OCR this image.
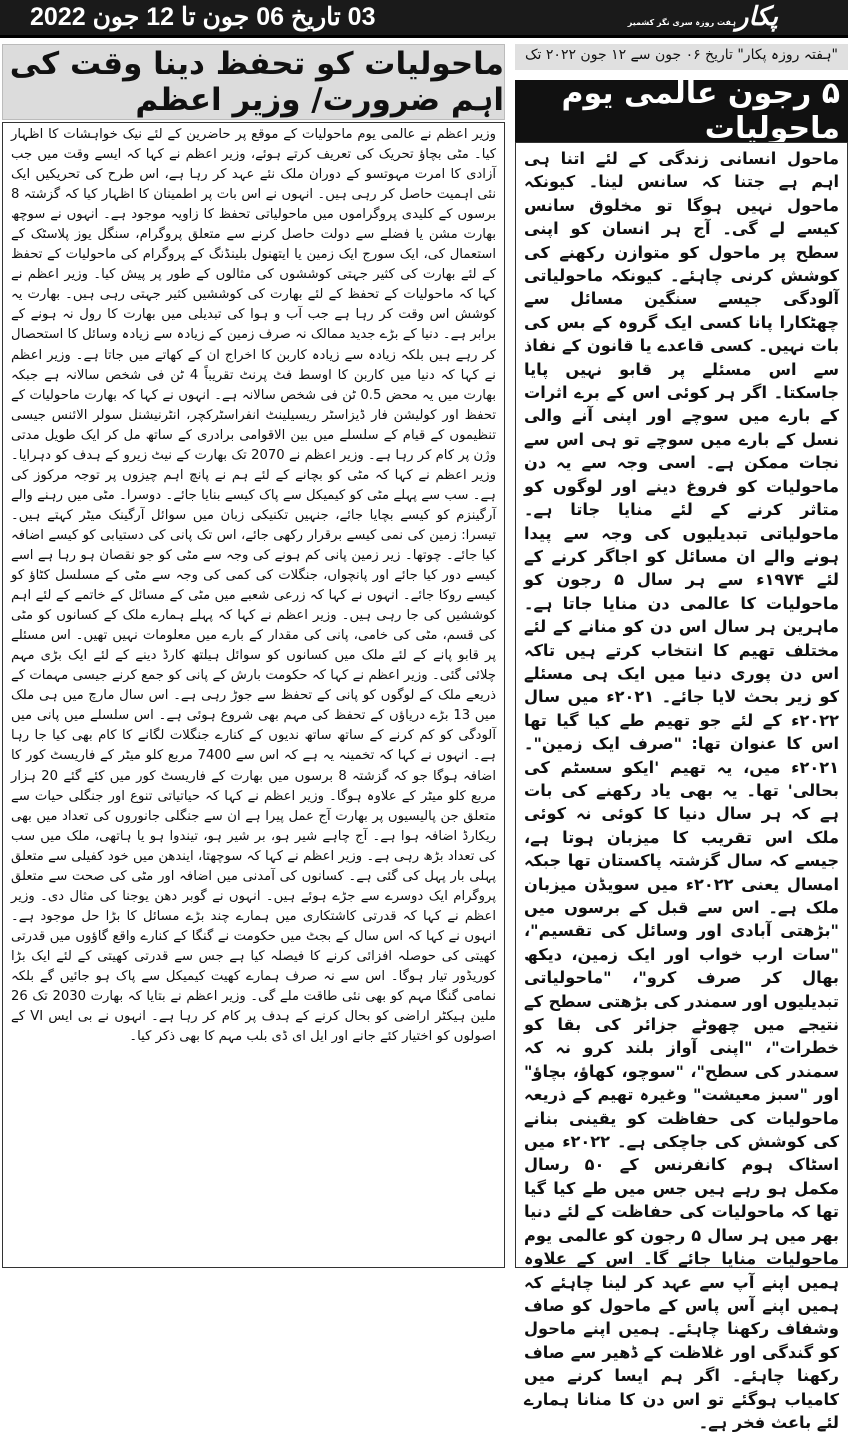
03 تاریخ 06 جون تا 12 جون 2022	پکارہفت روزہ سری نگر کشمیر
ماحولیات کو تحفظ دینا وقت کی اہم ضرورت/ وزیر اعظم
وزیر اعظم نے عالمی یوم ماحولیات کے موقع پر حاضرین کے لئے نیک خواہشات کا اظہار کیا۔ مٹی بچاؤ تحریک کی تعریف کرتے ہوئے، وزیر اعظم نے کہا کہ ایسے وقت میں جب آزادی کا امرت مہوتسو کے دوران ملک نئے عہد کر رہا ہے، اس طرح کی تحریکیں ایک نئی اہمیت حاصل کر رہی ہیں۔ انہوں نے اس بات پر اطمینان کا اظہار کیا کہ گزشتہ 8 برسوں کے کلیدی پروگراموں میں ماحولیاتی تحفظ کا زاویہ موجود ہے۔ انہوں نے سوچھ بھارت مشن یا فضلے سے دولت حاصل کرنے سے متعلق پروگرام، سنگل یوز پلاسٹک کے استعمال کی، ایک سورج ایک زمین یا ایتھنول بلینڈنگ کے پروگرام کی ماحولیات کے تحفظ کے لئے بھارت کی کثیر جہتی کوششوں کی مثالوں کے طور پر پیش کیا۔ وزیر اعظم نے کہا کہ ماحولیات کے تحفظ کے لئے بھارت کی کوششیں کثیر جہتی رہی ہیں۔ بھارت یہ کوشش اس وقت کر رہا ہے جب آب و ہوا کی تبدیلی میں بھارت کا رول نہ ہونے کے برابر ہے۔ دنیا کے بڑے جدید ممالک نہ صرف زمین کے زیادہ سے زیادہ وسائل کا استحصال کر رہے ہیں بلکہ زیادہ سے زیادہ کاربن کا اخراج ان کے کھاتے میں جاتا ہے۔ وزیر اعظم نے کہا کہ دنیا میں کاربن کا اوسط فٹ پرنٹ تقریباً 4 ٹن فی شخص سالانہ ہے جبکہ بھارت میں یہ محض 0.5 ٹن فی شخص سالانہ ہے۔ انہوں نے کہا کہ بھارت ماحولیات کے تحفظ اور کولیشن فار ڈیزاسٹر ریسیلینٹ انفراسٹرکچر، انٹرنیشنل سولر الائنس جیسی تنظیموں کے قیام کے سلسلے میں بین الاقوامی برادری کے ساتھ مل کر ایک طویل مدتی وژن پر کام کر رہا ہے۔ وزیر اعظم نے 2070 تک بھارت کے نیٹ زیرو کے ہدف کو دہرایا۔ وزیر اعظم نے کہا کہ مٹی کو بچانے کے لئے ہم نے پانچ اہم چیزوں پر توجہ مرکوز کی ہے۔ سب سے پہلے مٹی کو کیمیکل سے پاک کیسے بنایا جائے۔ دوسرا۔ مٹی میں رہنے والے آرگینزم کو کیسے بچایا جائے، جنہیں تکنیکی زبان میں سوائل آرگینک میٹر کہتے ہیں۔ تیسرا: زمین کی نمی کیسے برقرار رکھی جائے، اس تک پانی کی دستیابی کو کیسے اضافہ کیا جائے۔ چوتھا۔ زیر زمین پانی کم ہونے کی وجہ سے مٹی کو جو نقصان ہو رہا ہے اسے کیسے دور کیا جائے اور پانچواں، جنگلات کی کمی کی وجہ سے مٹی کے مسلسل کٹاؤ کو کیسے روکا جائے۔ انہوں نے کہا کہ زرعی شعبے میں مٹی کے مسائل کے خاتمے کے لئے اہم کوششیں کی جا رہی ہیں۔ وزیر اعظم نے کہا کہ پہلے ہمارے ملک کے کسانوں کو مٹی کی قسم، مٹی کی خامی، پانی کی مقدار کے بارے میں معلومات نہیں تھیں۔ اس مسئلے پر قابو پانے کے لئے ملک میں کسانوں کو سوائل ہیلتھ کارڈ دینے کے لئے ایک بڑی مہم چلائی گئی۔ وزیر اعظم نے کہا کہ حکومت بارش کے پانی کو جمع کرنے جیسی مہمات کے ذریعے ملک کے لوگوں کو پانی کے تحفظ سے جوڑ رہی ہے۔ اس سال مارچ میں ہی ملک میں 13 بڑے دریاؤں کے تحفظ کی مہم بھی شروع ہوئی ہے۔ اس سلسلے میں پانی میں آلودگی کو کم کرنے کے ساتھ ساتھ ندیوں کے کنارے جنگلات لگانے کا کام بھی کیا جا رہا ہے۔ انہوں نے کہا کہ تخمینہ یہ ہے کہ اس سے 7400 مربع کلو میٹر کے فاریسٹ کور کا اضافہ ہوگا جو کہ گزشتہ 8 برسوں میں بھارت کے فاریسٹ کور میں کئے گئے 20 ہزار مربع کلو میٹر کے علاوہ ہوگا۔ وزیر اعظم نے کہا کہ حیاتیاتی تنوع اور جنگلی حیات سے متعلق جن پالیسیوں پر بھارت آج عمل پیرا ہے ان سے جنگلی جانوروں کی تعداد میں بھی ریکارڈ اضافہ ہوا ہے۔ آج چاہے شیر ہو، بر شیر ہو، تیندوا ہو یا ہاتھی، ملک میں سب کی تعداد بڑھ رہی ہے۔ وزیر اعظم نے کہا کہ سوچھتا، ایندھن میں خود کفیلی سے متعلق پہلی بار پہل کی گئی ہے۔ کسانوں کی آمدنی میں اضافہ اور مٹی کی صحت سے متعلق پروگرام ایک دوسرے سے جڑے ہوئے ہیں۔ انہوں نے گوبر دھن یوجنا کی مثال دی۔ وزیر اعظم نے کہا کہ قدرتی کاشتکاری میں ہمارے چند بڑے مسائل کا بڑا حل موجود ہے۔ انہوں نے کہا کہ اس سال کے بجٹ میں حکومت نے گنگا کے کنارے واقع گاؤوں میں قدرتی کھیتی کی حوصلہ افزائی کرنے کا فیصلہ کیا ہے جس سے قدرتی کھیتی کے لئے ایک بڑا کوریڈور تیار ہوگا۔ اس سے نہ صرف ہمارے کھیت کیمیکل سے پاک ہو جائیں گے بلکہ نمامی گنگا مہم کو بھی نئی طاقت ملے گی۔ وزیر اعظم نے بتایا کہ بھارت 2030 تک 26 ملین ہیکٹر اراضی کو بحال کرنے کے ہدف پر کام کر رہا ہے۔ انہوں نے بی ایس VI کے اصولوں کو اختیار کئے جانے اور ایل ای ڈی بلب مہم کا بھی ذکر کیا۔
"ہفتہ روزہ پکار" تاریخ ۰۶ جون سے ۱۲ جون ۲۰۲۲ تک
۵ رجون عالمی یوم ماحولیات
ماحول انسانی زندگی کے لئے اتنا ہی اہم ہے جتنا کہ سانس لینا۔ کیونکہ ماحول نہیں ہوگا تو مخلوق سانس کیسے لے گی۔ آج ہر انسان کو اپنی سطح پر ماحول کو متوازن رکھنے کی کوشش کرنی چاہئے۔ کیونکہ ماحولیاتی آلودگی جیسے سنگین مسائل سے چھٹکارا پانا کسی ایک گروہ کے بس کی بات نہیں۔ کسی قاعدے یا قانون کے نفاذ سے اس مسئلے پر قابو نہیں پایا جاسکتا۔ اگر ہر کوئی اس کے برے اثرات کے بارے میں سوچے اور اپنی آنے والی نسل کے بارے میں سوچے تو ہی اس سے نجات ممکن ہے۔ اسی وجہ سے یہ دن ماحولیات کو فروغ دینے اور لوگوں کو متاثر کرنے کے لئے منایا جاتا ہے۔ ماحولیاتی تبدیلیوں کی وجہ سے پیدا ہونے والے ان مسائل کو اجاگر کرنے کے لئے ۱۹۷۴ء سے ہر سال ۵ رجون کو ماحولیات کا عالمی دن منایا جاتا ہے۔ ماہرین ہر سال اس دن کو منانے کے لئے مختلف تھیم کا انتخاب کرتے ہیں تاکہ اس دن پوری دنیا میں ایک ہی مسئلے کو زیر بحث لایا جائے۔ ۲۰۲۱ء میں سال ۲۰۲۲ء کے لئے جو تھیم طے کیا گیا تھا اس کا عنوان تھا: "صرف ایک زمین"۔ ۲۰۲۱ء میں، یہ تھیم 'ایکو سسٹم کی بحالی' تھا۔ یہ بھی یاد رکھنے کی بات ہے کہ ہر سال دنیا کا کوئی نہ کوئی ملک اس تقریب کا میزبان ہوتا ہے، جیسے کہ سال گزشتہ پاکستان تھا جبکہ امسال یعنی ۲۰۲۲ء میں سویڈن میزبان ملک ہے۔ اس سے قبل کے برسوں میں "بڑھتی آبادی اور وسائل کی تقسیم"، "سات ارب خواب اور ایک زمین، دیکھ بھال کر صرف کرو"، "ماحولیاتی تبدیلیوں اور سمندر کی بڑھتی سطح کے نتیجے میں چھوٹے جزائر کی بقا کو خطرات"، "اپنی آواز بلند کرو نہ کہ سمندر کی سطح"، "سوچو، کھاؤ، بچاؤ" اور "سبز معیشت" وغیرہ تھیم کے ذریعہ ماحولیات کی حفاظت کو یقینی بنانے کی کوشش کی جاچکی ہے۔ ۲۰۲۲ء میں اسٹاک ہوم کانفرنس کے ۵۰ رسال مکمل ہو رہے ہیں جس میں طے کیا گیا تھا کہ ماحولیات کی حفاظت کے لئے دنیا بھر میں ہر سال ۵ رجون کو عالمی یوم ماحولیات منایا جائے گا۔ اس کے علاوہ ہمیں اپنے آپ سے عہد کر لینا چاہئے کہ ہمیں اپنے آس پاس کے ماحول کو صاف وشفاف رکھنا چاہئے۔ ہمیں اپنے ماحول کو گندگی اور غلاظت کے ڈھیر سے صاف رکھنا چاہئے۔ اگر ہم ایسا کرنے میں کامیاب ہوگئے تو اس دن کا منانا ہمارے لئے باعث فخر ہے۔
